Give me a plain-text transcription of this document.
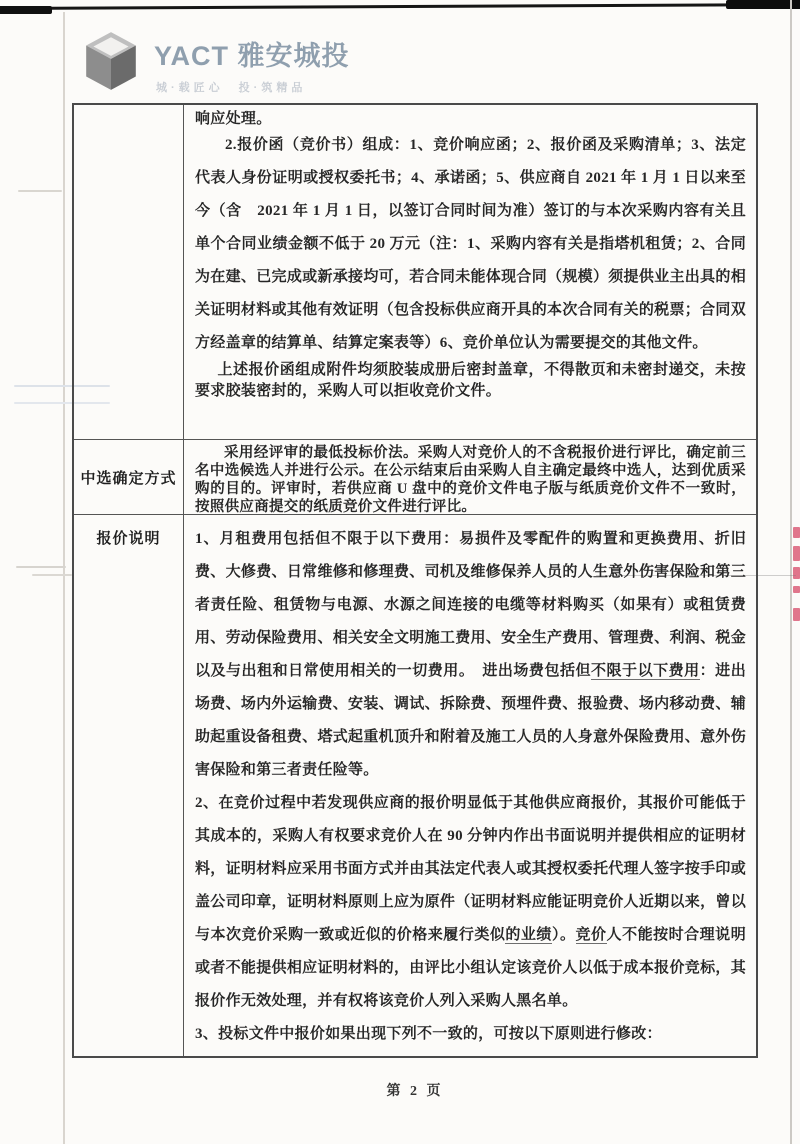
YACT 雅安城投
城·载匠心　投·筑精品

响应处理。

2.报价函（竞价书）组成：1、竞价响应函；2、报价函及采购清单；3、法定代表人身份证明或授权委托书；4、承诺函；5、供应商自 2021 年 1 月 1 日以来至今（含　2021 年 1 月 1 日，以签订合同时间为准）签订的与本次采购内容有关且单个合同业绩金额不低于 20 万元（注：1、采购内容有关是指塔机租赁；2、合同为在建、已完成或新承接均可，若合同未能体现合同（规模）须提供业主出具的相关证明材料或其他有效证明（包含投标供应商开具的本次合同有关的税票；合同双方经盖章的结算单、结算定案表等）6、竞价单位认为需要提交的其他文件。

上述报价函组成附件均须胶装成册后密封盖章，不得散页和未密封递交，未按要求胶装密封的，采购人可以拒收竞价文件。

中选确定方式

采用经评审的最低投标价法。采购人对竞价人的不含税报价进行评比，确定前三名中选候选人并进行公示。在公示结束后由采购人自主确定最终中选人，达到优质采购的目的。评审时，若供应商 U 盘中的竞价文件电子版与纸质竞价文件不一致时，按照供应商提交的纸质竞价文件进行评比。

报价说明 1、月租费用包括但不限于以下费用：易损件及零配件的购置和更换费用、折旧费、大修费、日常维修和修理费、司机及维修保养人员的人生意外伤害保险和第三者责任险、租赁物与电源、水源之间连接的电缆等材料购买（如果有）或租赁费用、劳动保险费用、相关安全文明施工费用、安全生产费用、管理费、利润、税金以及与出租和日常使用相关的一切费用。　进出场费包括但不限于以下费用：进出场费、场内外运输费、安装、调试、拆除费、预埋件费、报验费、场内移动费、辅助起重设备租费、塔式起重机顶升和附着及施工人员的人身意外保险费用、意外伤害保险和第三者责任险等。

2、在竞价过程中若发现供应商的报价明显低于其他供应商报价，其报价可能低于其成本的，采购人有权要求竞价人在 90 分钟内作出书面说明并提供相应的证明材料，证明材料应采用书面方式并由其法定代表人或其授权委托代理人签字按手印或盖公司印章，证明材料原则上应为原件（证明材料应能证明竞价人近期以来，曾以与本次竞价采购一致或近似的价格来履行类似的业绩）。竞价人不能按时合理说明或者不能提供相应证明材料的，由评比小组认定该竞价人以低于成本报价竞标，其报价作无效处理，并有权将该竞价人列入采购人黑名单。

3、投标文件中报价如果出现下列不一致的，可按以下原则进行修改：

第 2 页
